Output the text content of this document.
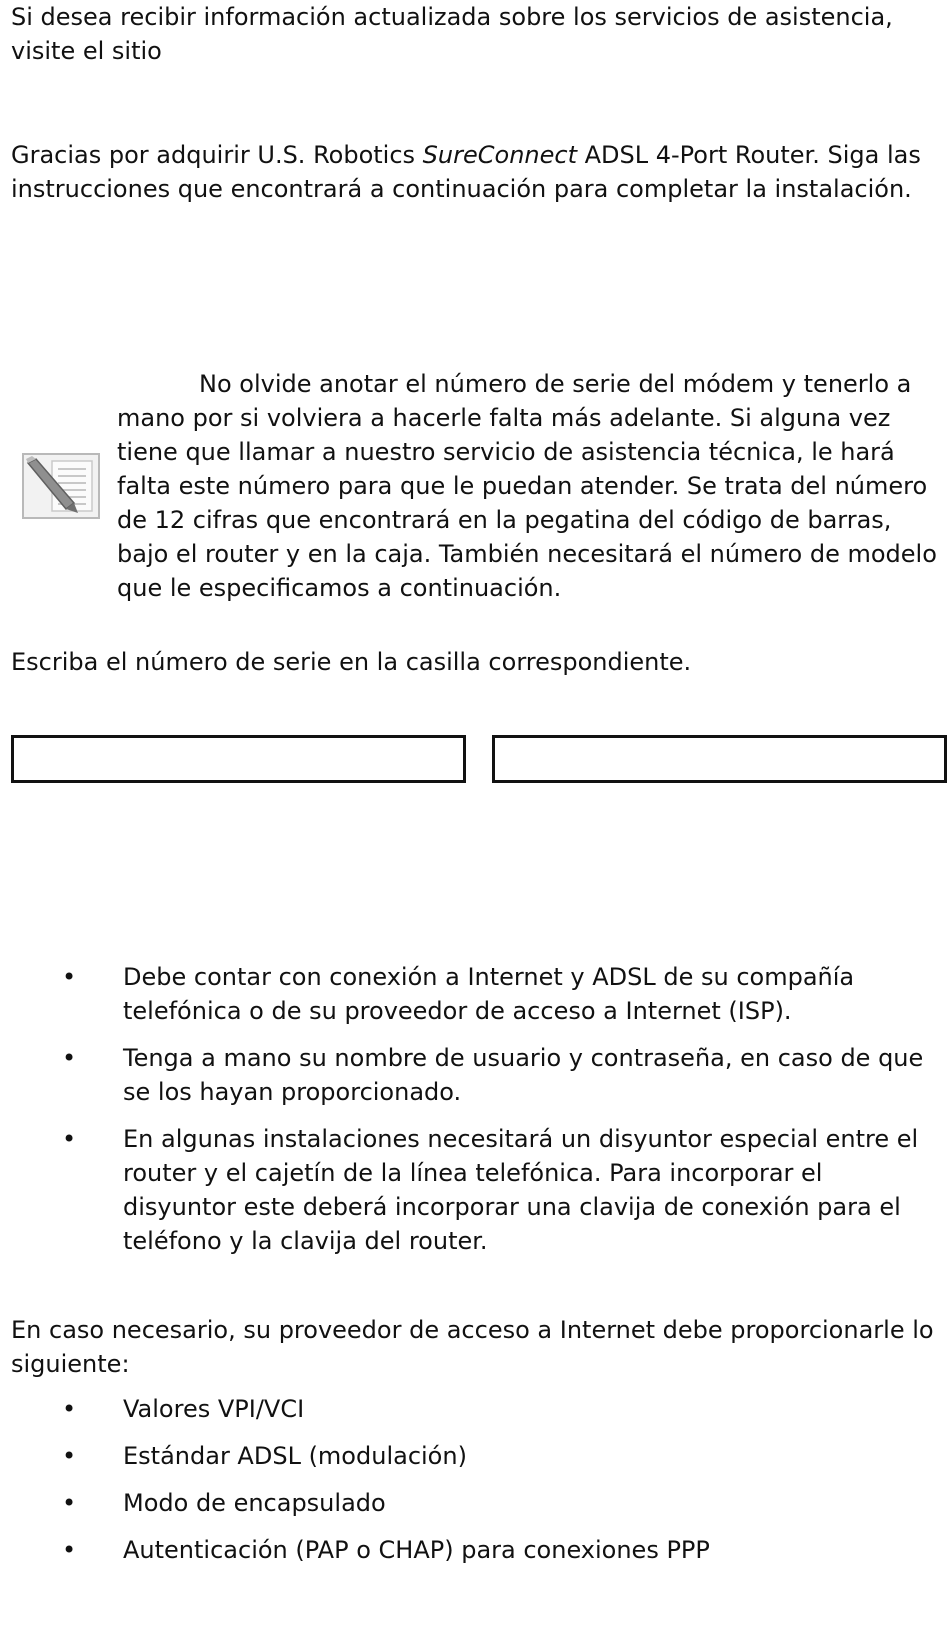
Si desea recibir información actualizada sobre los servicios de asistencia, visite el sitio

Gracias por adquirir U.S. Robotics SureConnect ADSL 4-Port Router. Siga las instrucciones que encontrará a continuación para completar la instalación.

No olvide anotar el número de serie del módem y tenerlo a mano por si volviera a hacerle falta más adelante. Si alguna vez tiene que llamar a nuestro servicio de asistencia técnica, le hará falta este número para que le puedan atender. Se trata del número de 12 cifras que encontrará en la pegatina del código de barras, bajo el router y en la caja. También necesitará el número de modelo que le especificamos a continuación.

Escriba el número de serie en la casilla correspondiente.

• Debe contar con conexión a Internet y ADSL de su compañía telefónica o de su proveedor de acceso a Internet (ISP).
• Tenga a mano su nombre de usuario y contraseña, en caso de que se los hayan proporcionado.
• En algunas instalaciones necesitará un disyuntor especial entre el router y el cajetín de la línea telefónica. Para incorporar el disyuntor este deberá incorporar una clavija de conexión para el teléfono y la clavija del router.

En caso necesario, su proveedor de acceso a Internet debe proporcionarle lo siguiente:

• Valores VPI/VCI
• Estándar ADSL (modulación)
• Modo de encapsulado
• Autenticación (PAP o CHAP) para conexiones PPP
